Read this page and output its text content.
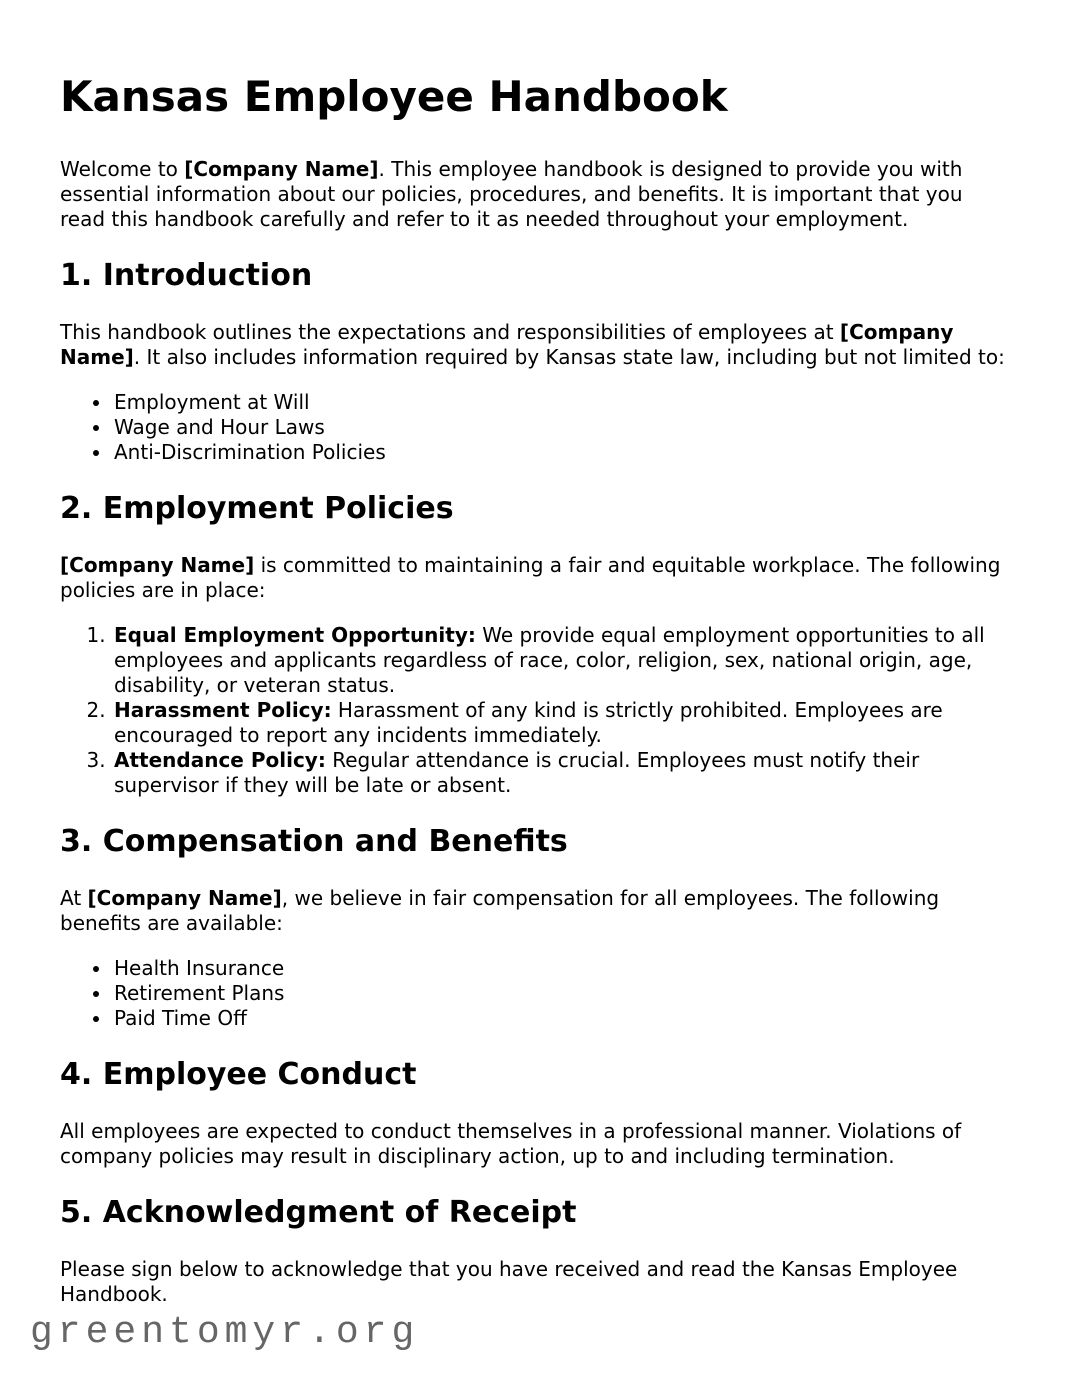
greentomyr.org
Kansas Employee Handbook

Welcome to [Company Name]. This employee handbook is designed to provide you with essential information about our policies, procedures, and benefits. It is important that you read this handbook carefully and refer to it as needed throughout your employment.

1. Introduction

This handbook outlines the expectations and responsibilities of employees at [Company Name]. It also includes information required by Kansas state law, including but not limited to:

• Employment at Will
• Wage and Hour Laws
• Anti-Discrimination Policies
2. Employment Policies

[Company Name] is committed to maintaining a fair and equitable workplace. The following policies are in place:

1. Equal Employment Opportunity: We provide equal employment opportunities to all employees and applicants regardless of race, color, religion, sex, national origin, age, disability, or veteran status.
2. Harassment Policy: Harassment of any kind is strictly prohibited. Employees are encouraged to report any incidents immediately.
3. Attendance Policy: Regular attendance is crucial. Employees must notify their supervisor if they will be late or absent.
3. Compensation and Benefits

At [Company Name], we believe in fair compensation for all employees. The following benefits are available:

• Health Insurance
• Retirement Plans
• Paid Time Off
4. Employee Conduct

All employees are expected to conduct themselves in a professional manner. Violations of company policies may result in disciplinary action, up to and including termination.

5. Acknowledgment of Receipt

Please sign below to acknowledge that you have received and read the Kansas Employee Handbook.
